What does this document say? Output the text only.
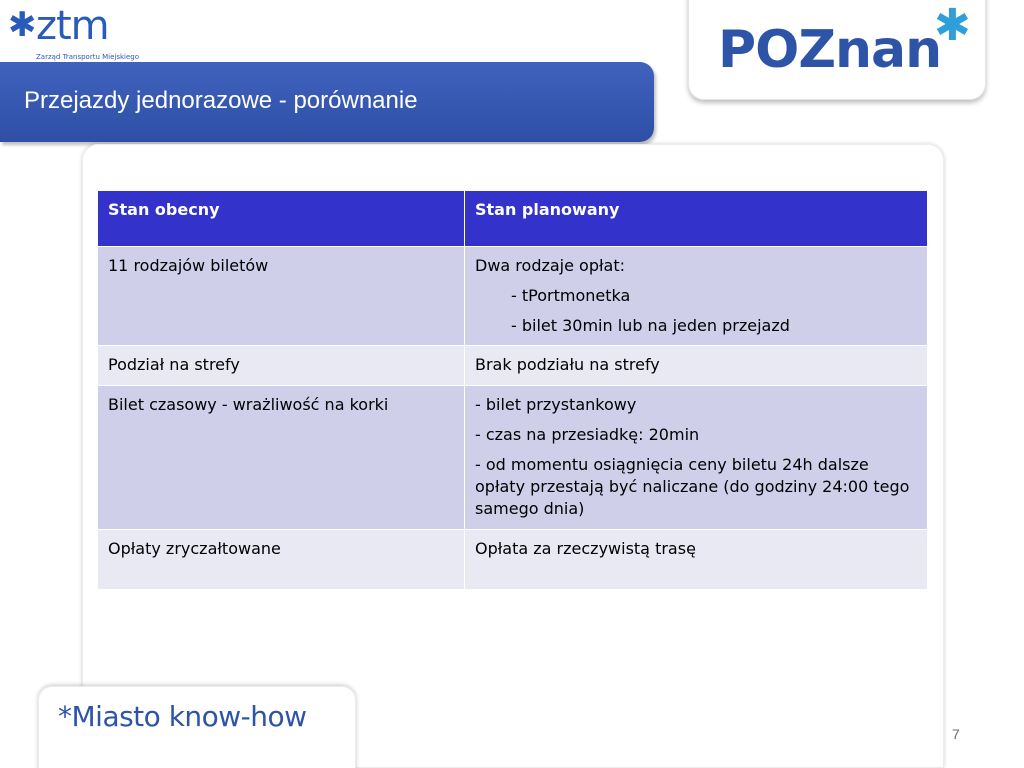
✱ ztm
Zarząd Transportu Miejskiego
Przejazdy jednorazowe - porównanie
POZnan
✱
Stan obecny	Stan planowany
11 rodzajów biletów	Dwa rodzaje opłat:
- tPortmonetka
- bilet 30min lub na jeden przejazd

Podział na strefy	Brak podziału na strefy

Bilet czasowy - wrażliwość na korki	- bilet przystankowy
- czas na przesiadkę: 20min
- od momentu osiągnięcia ceny biletu 24h dalsze opłaty przestają być naliczane (do godziny 24:00 tego samego dnia)

Opłaty zryczałtowane	Opłata za rzeczywistą trasę
*Miasto know-how
7
